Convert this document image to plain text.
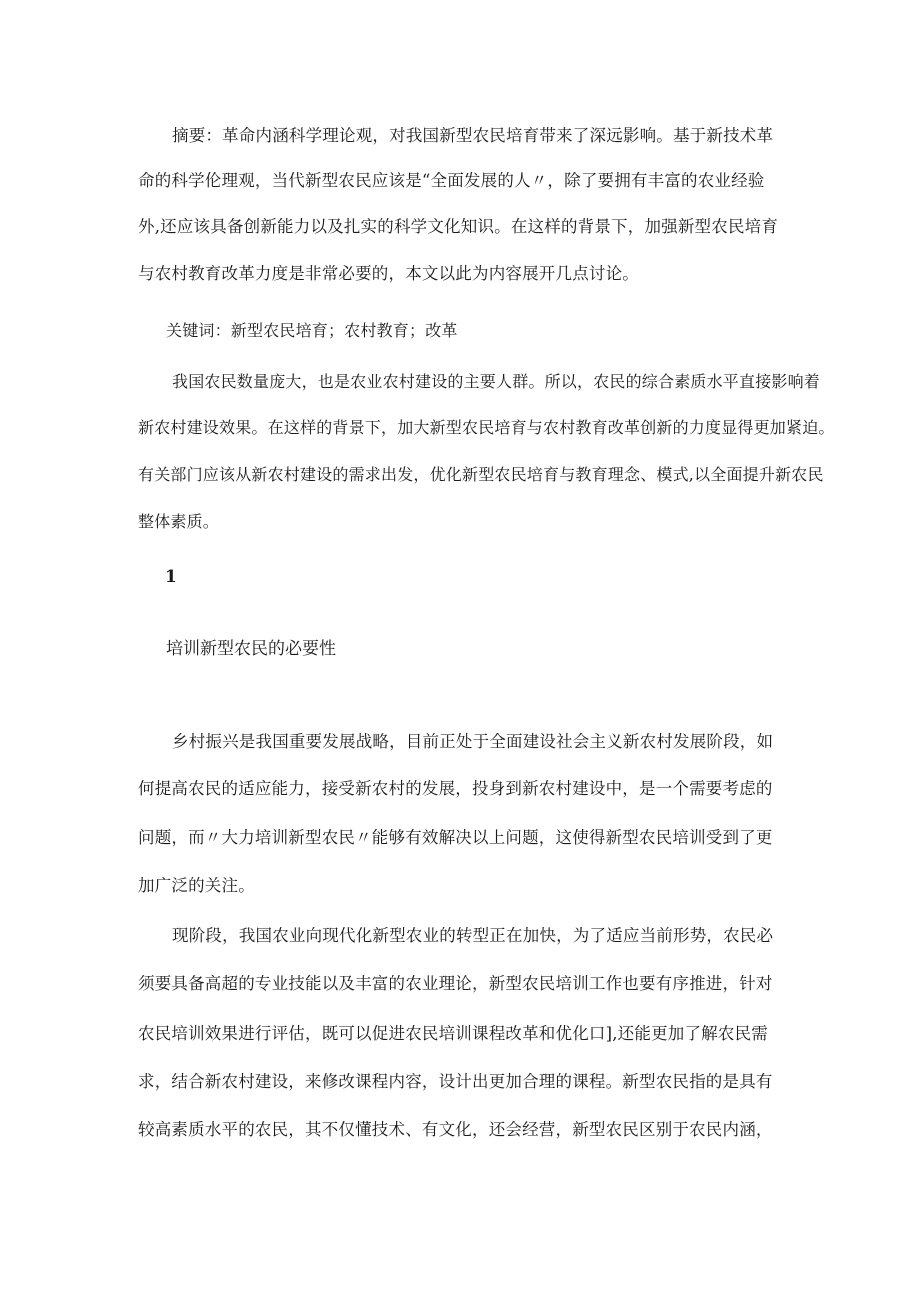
摘要：革命内涵科学理论观，对我国新型农民培育带来了深远影响。基于新技术革
命的科学伦理观，当代新型农民应该是“全面发展的人〃，除了要拥有丰富的农业经验
外,还应该具备创新能力以及扎实的科学文化知识。在这样的背景下，加强新型农民培育
与农村教育改革力度是非常必要的，本文以此为内容展开几点讨论。
关键词：新型农民培育；农村教育；改革
我国农民数量庞大，也是农业农村建设的主要人群。所以，农民的综合素质水平直接影响着
新农村建设效果。在这样的背景下，加大新型农民培育与农村教育改革创新的力度显得更加紧迫。
有关部门应该从新农村建设的需求出发，优化新型农民培育与教育理念、模式,以全面提升新农民
整体素质。
1
培训新型农民的必要性
乡村振兴是我国重要发展战略，目前正处于全面建设社会主义新农村发展阶段，如
何提高农民的适应能力，接受新农村的发展，投身到新农村建设中，是一个需要考虑的
问题，而〃大力培训新型农民〃能够有效解决以上问题，这使得新型农民培训受到了更
加广泛的关注。
现阶段，我国农业向现代化新型农业的转型正在加快，为了适应当前形势，农民必
须要具备高超的专业技能以及丰富的农业理论，新型农民培训工作也要有序推进，针对
农民培训效果进行评估，既可以促进农民培训课程改革和优化口],还能更加了解农民需
求，结合新农村建设，来修改课程内容，设计出更加合理的课程。新型农民指的是具有
较高素质水平的农民，其不仅懂技术、有文化，还会经营，新型农民区别于农民内涵，
